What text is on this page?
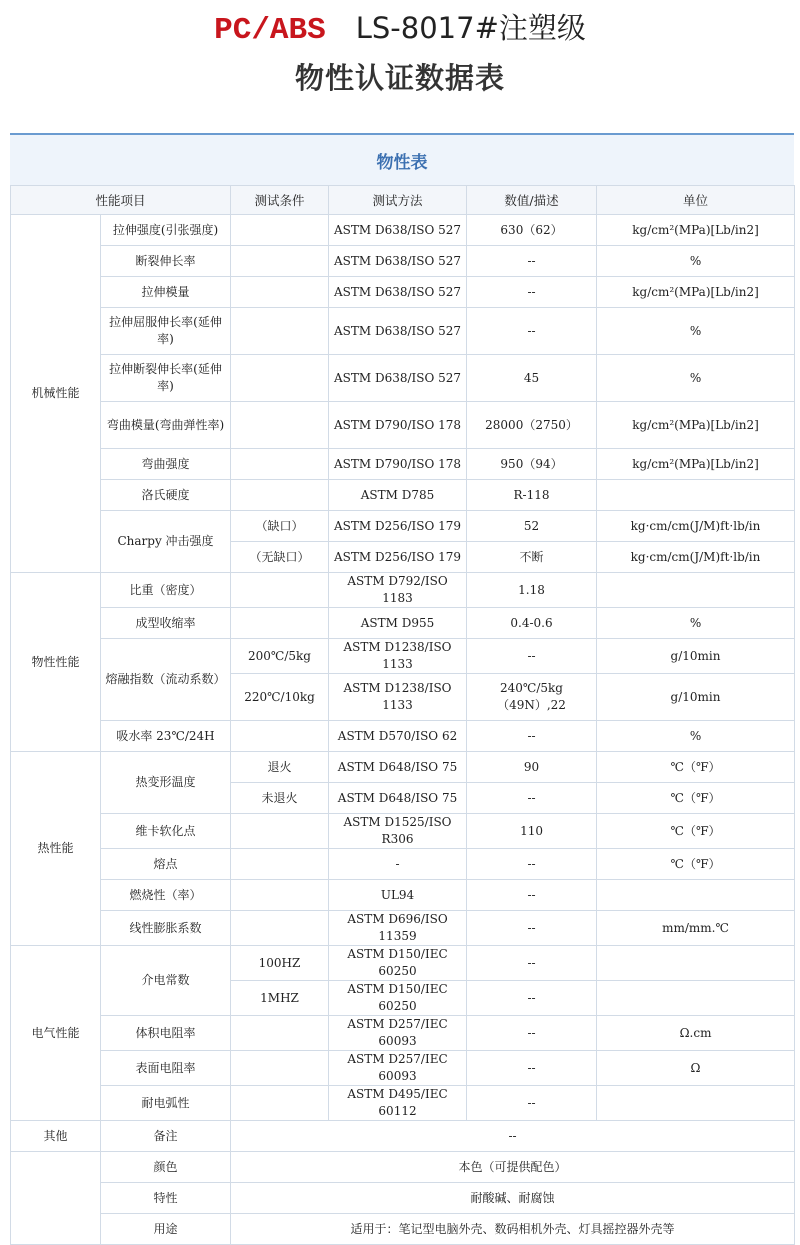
PC/ABS LS-8017#注塑级
物性认证数据表
物性表
性能项目		测试条件	测试方法	数值/描述	单位
机械性能	拉伸强度(引张强度)		ASTM D638/ISO 527	630（62）	kg/cm²(MPa)[Lb/in2]
	断裂伸长率		ASTM D638/ISO 527	--	%
	拉伸模量		ASTM D638/ISO 527	--	kg/cm²(MPa)[Lb/in2]
	拉伸屈服伸长率(延伸率)		ASTM D638/ISO 527	--	%
	拉伸断裂伸长率(延伸率)		ASTM D638/ISO 527	45	%
	弯曲模量(弯曲弹性率)		ASTM D790/ISO 178	28000（2750）	kg/cm²(MPa)[Lb/in2]
	弯曲强度		ASTM D790/ISO 178	950（94）	kg/cm²(MPa)[Lb/in2]
	洛氏硬度		ASTM D785	R-118	
	Charpy 冲击强度	（缺口）	ASTM D256/ISO 179	52	kg·cm/cm(J/M)ft·lb/in
		（无缺口）	ASTM D256/ISO 179	不断	kg·cm/cm(J/M)ft·lb/in
物性性能	比重（密度）		ASTM D792/ISO 1183	1.18	
	成型收缩率		ASTM D955	0.4-0.6	%
	熔融指数（流动系数）	200℃/5kg	ASTM D1238/ISO 1133	--	g/10min
		220℃/10kg	ASTM D1238/ISO 1133	240℃/5kg（49N）,22	g/10min
	吸水率 23℃/24H		ASTM D570/ISO 62	--	%
热性能	热变形温度	退火	ASTM D648/ISO 75	90	℃（℉）
		未退火	ASTM D648/ISO 75	--	℃（℉）
	维卡软化点		ASTM D1525/ISO R306	110	℃（℉）
	熔点		-	--	℃（℉）
	燃烧性（率）		UL94	--	
	线性膨胀系数		ASTM D696/ISO 11359	--	mm/mm.℃
电气性能	介电常数	100HZ	ASTM D150/IEC 60250	--	
		1MHZ	ASTM D150/IEC 60250	--	
	体积电阻率		ASTM D257/IEC 60093	--	Ω.cm
	表面电阻率		ASTM D257/IEC 60093	--	Ω
	耐电弧性		ASTM D495/IEC 60112	--	
其他	备注	--			
	颜色	本色（可提供配色）			
	特性	耐酸碱、耐腐蚀			
	用途	适用于：笔记型电脑外壳、数码相机外壳、灯具摇控器外壳等			
